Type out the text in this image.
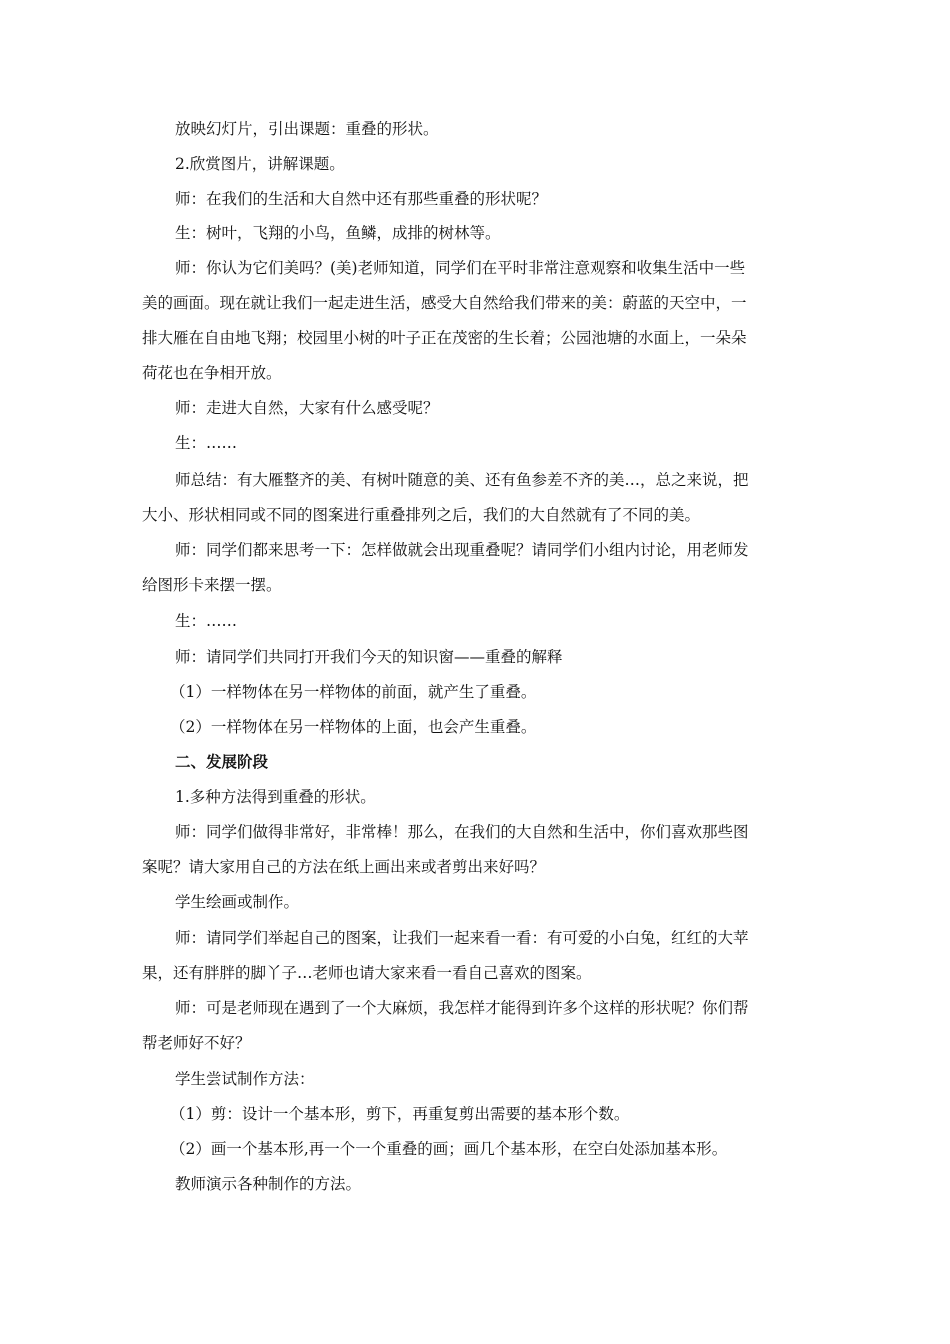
放映幻灯片，引出课题：重叠的形状。
2.欣赏图片，讲解课题。
师：在我们的生活和大自然中还有那些重叠的形状呢？
生：树叶，飞翔的小鸟，鱼鳞，成排的树林等。
师：你认为它们美吗？(美)老师知道，同学们在平时非常注意观察和收集生活中一些
美的画面。现在就让我们一起走进生活，感受大自然给我们带来的美：蔚蓝的天空中，一
排大雁在自由地飞翔；校园里小树的叶子正在茂密的生长着；公园池塘的水面上，一朵朵
荷花也在争相开放。
师：走进大自然，大家有什么感受呢？
生：……
师总结：有大雁整齐的美、有树叶随意的美、还有鱼参差不齐的美…，总之来说，把
大小、形状相同或不同的图案进行重叠排列之后，我们的大自然就有了不同的美。
师：同学们都来思考一下：怎样做就会出现重叠呢？请同学们小组内讨论，用老师发
给图形卡来摆一摆。
生：……
师：请同学们共同打开我们今天的知识窗——重叠的解释
（1）一样物体在另一样物体的前面，就产生了重叠。
（2）一样物体在另一样物体的上面，也会产生重叠。
二、发展阶段
1.多种方法得到重叠的形状。
师：同学们做得非常好，非常棒！那么，在我们的大自然和生活中，你们喜欢那些图
案呢？请大家用自己的方法在纸上画出来或者剪出来好吗？
学生绘画或制作。
师：请同学们举起自己的图案，让我们一起来看一看：有可爱的小白兔，红红的大苹
果，还有胖胖的脚丫子…老师也请大家来看一看自己喜欢的图案。
师：可是老师现在遇到了一个大麻烦，我怎样才能得到许多个这样的形状呢？你们帮
帮老师好不好？
学生尝试制作方法：
（1）剪：设计一个基本形，剪下，再重复剪出需要的基本形个数。
（2）画一个基本形,再一个一个重叠的画；画几个基本形，在空白处添加基本形。
教师演示各种制作的方法。
